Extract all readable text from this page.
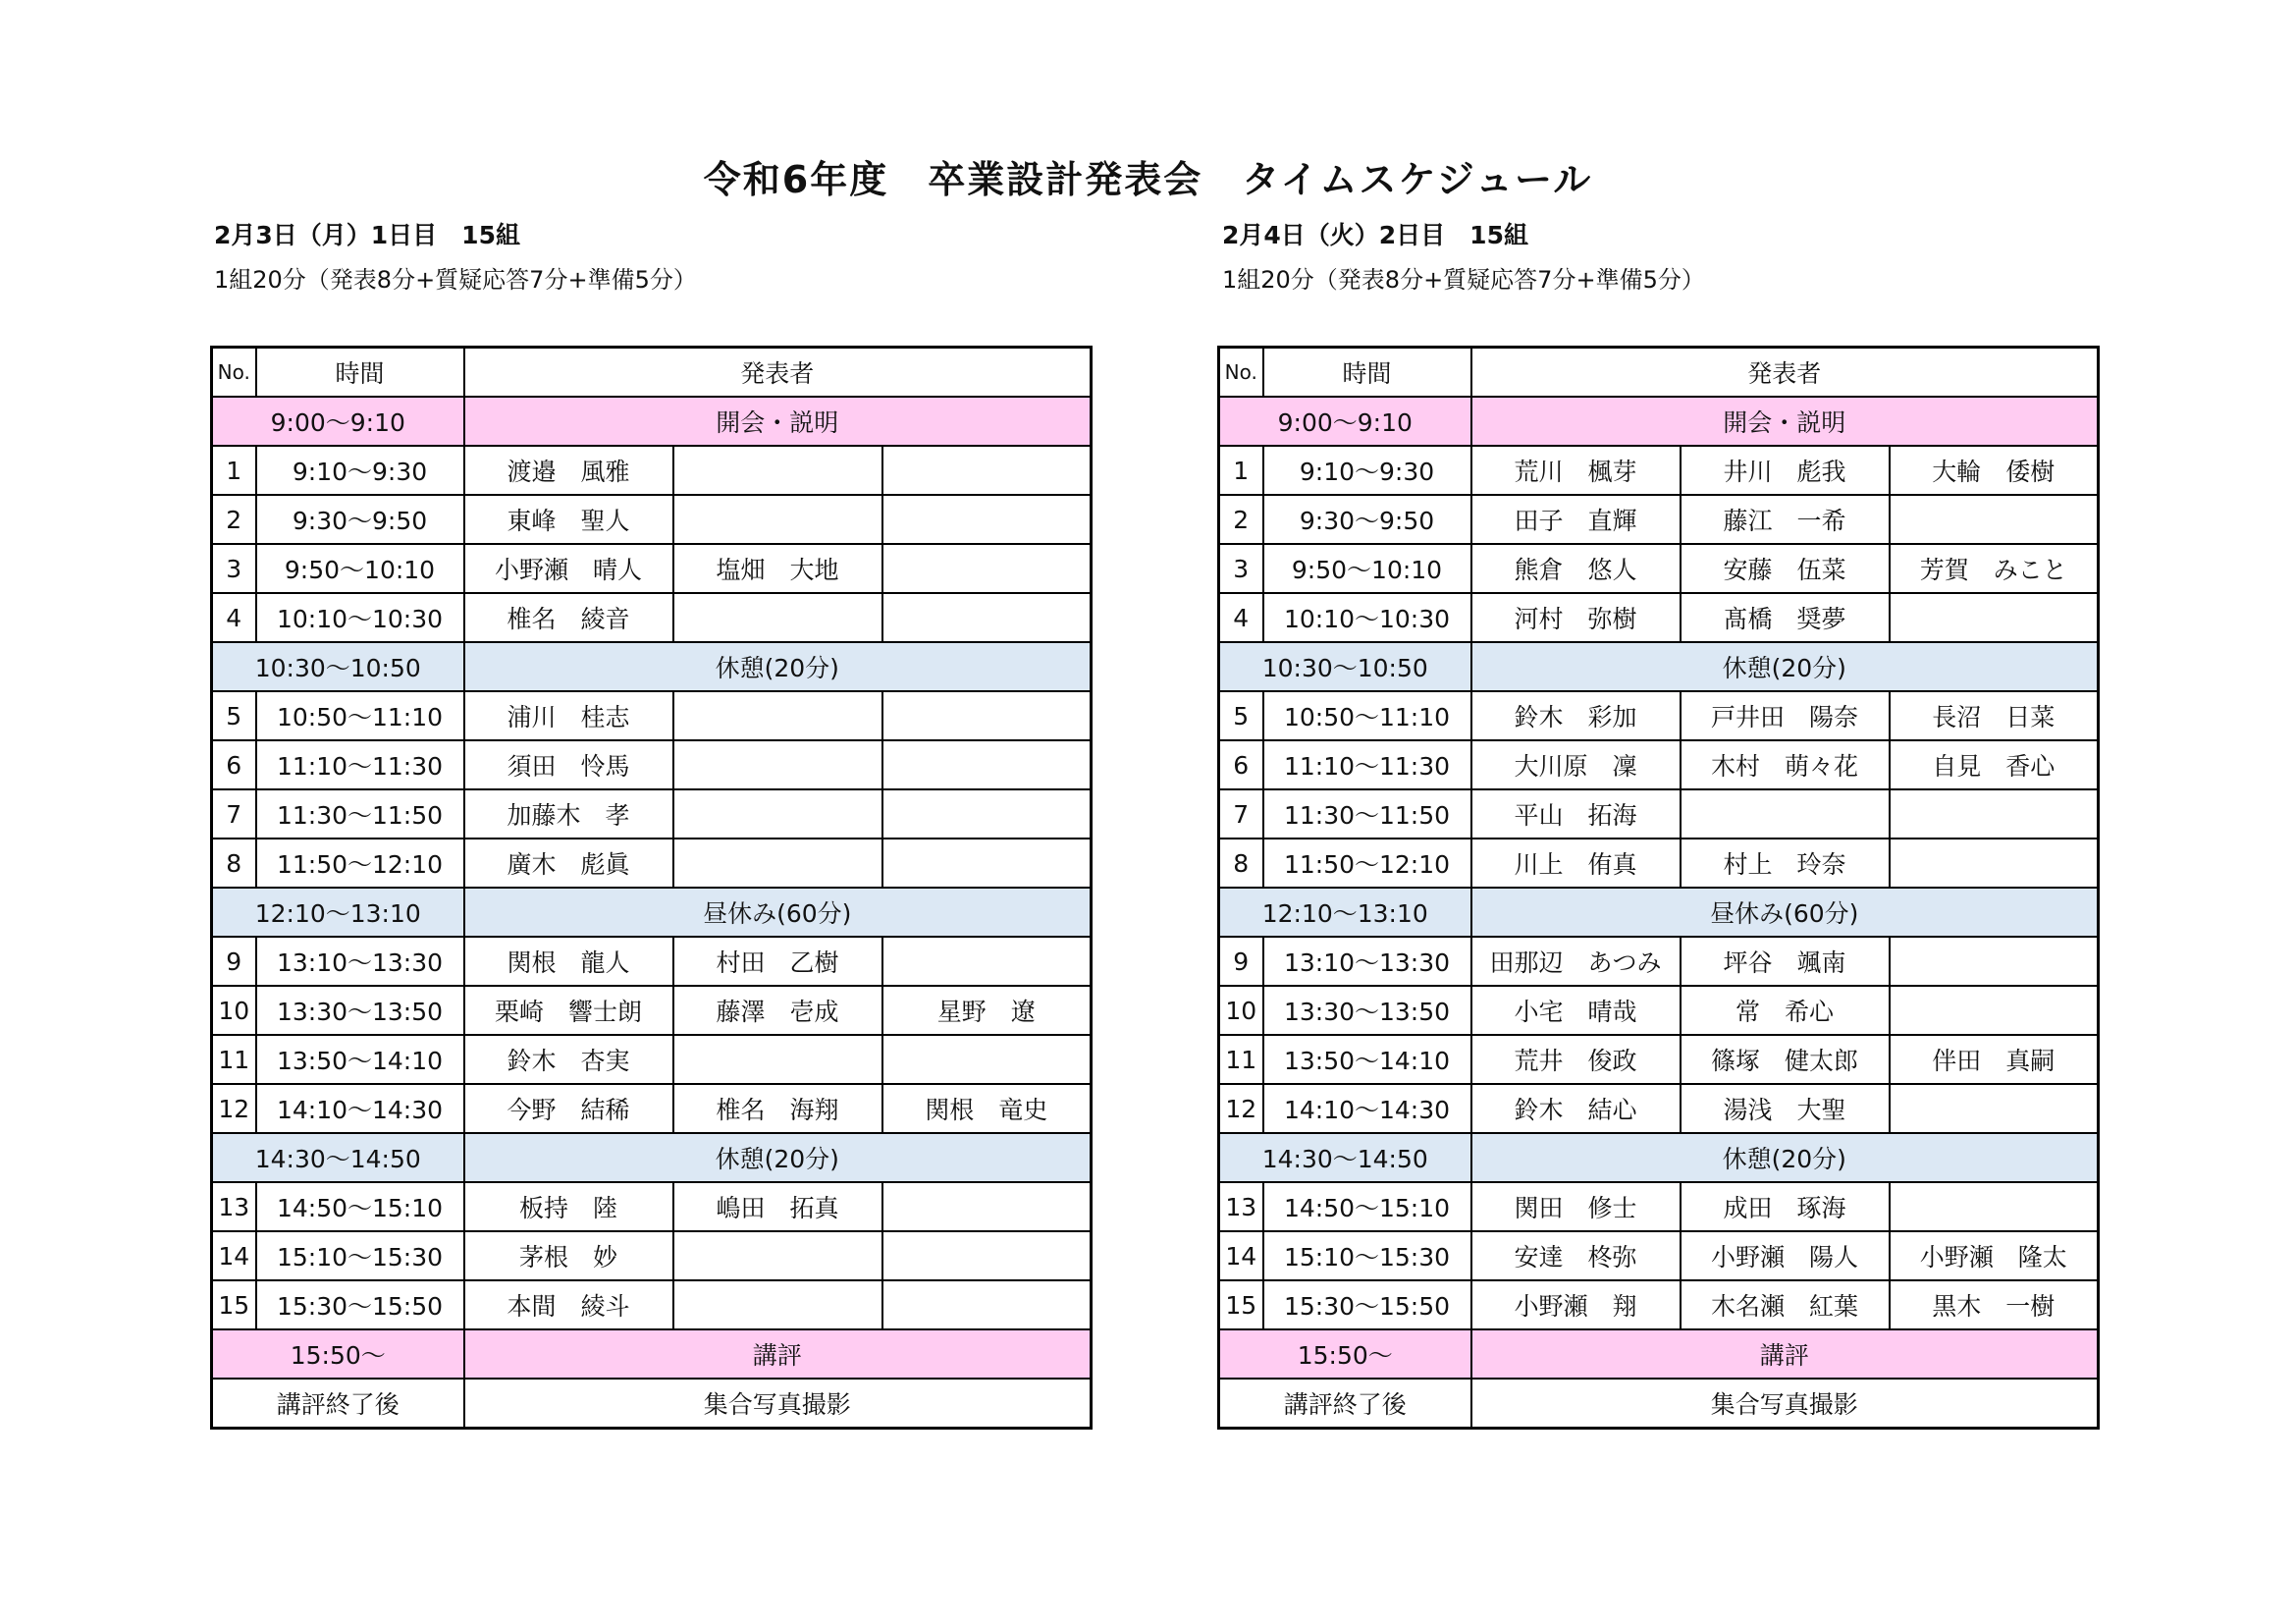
令和6年度　卒業設計発表会　タイムスケジュール
2月3日（月）1日目　15組
1組20分（発表8分+質疑応答7分+準備5分）
No.	時間	発表者		
9:00～9:10		開会・説明		
1	9:10～9:30	渡邉　風雅		
2	9:30～9:50	東峰　聖人		
3	9:50～10:10	小野瀬　晴人	塩畑　大地	
4	10:10～10:30	椎名　綾音		
10:30～10:50		休憩(20分)		
5	10:50～11:10	浦川　桂志		
6	11:10～11:30	須田　怜馬		
7	11:30～11:50	加藤木　孝		
8	11:50～12:10	廣木　彪眞		
12:10～13:10		昼休み(60分)		
9	13:10～13:30	関根　龍人	村田　乙樹	
10	13:30～13:50	栗崎　響士朗	藤澤　壱成	星野　遼
11	13:50～14:10	鈴木　杏実		
12	14:10～14:30	今野　結稀	椎名　海翔	関根　竜史
14:30～14:50		休憩(20分)		
13	14:50～15:10	板持　陸	嶋田　拓真	
14	15:10～15:30	茅根　妙		
15	15:30～15:50	本間　綾斗		
15:50～		講評		
講評終了後		集合写真撮影		
2月4日（火）2日目　15組
1組20分（発表8分+質疑応答7分+準備5分）
No.	時間	発表者		
9:00～9:10		開会・説明		
1	9:10～9:30	荒川　楓芽	井川　彪我	大輪　倭樹
2	9:30～9:50	田子　直輝	藤江　一希	
3	9:50～10:10	熊倉　悠人	安藤　伍菜	芳賀　みこと
4	10:10～10:30	河村　弥樹	髙橋　奨夢	
10:30～10:50		休憩(20分)		
5	10:50～11:10	鈴木　彩加	戸井田　陽奈	長沼　日菜
6	11:10～11:30	大川原　凜	木村　萌々花	自見　香心
7	11:30～11:50	平山　拓海		
8	11:50～12:10	川上　侑真	村上　玲奈	
12:10～13:10		昼休み(60分)		
9	13:10～13:30	田那辺　あつみ	坪谷　颯南	
10	13:30～13:50	小宅　晴哉	常　希心	
11	13:50～14:10	荒井　俊政	篠塚　健太郎	伴田　真嗣
12	14:10～14:30	鈴木　結心	湯浅　大聖	
14:30～14:50		休憩(20分)		
13	14:50～15:10	関田　修士	成田　琢海	
14	15:10～15:30	安達　柊弥	小野瀬　陽人	小野瀬　隆太
15	15:30～15:50	小野瀬　翔	木名瀬　紅葉	黒木　一樹
15:50～		講評		
講評終了後		集合写真撮影		
